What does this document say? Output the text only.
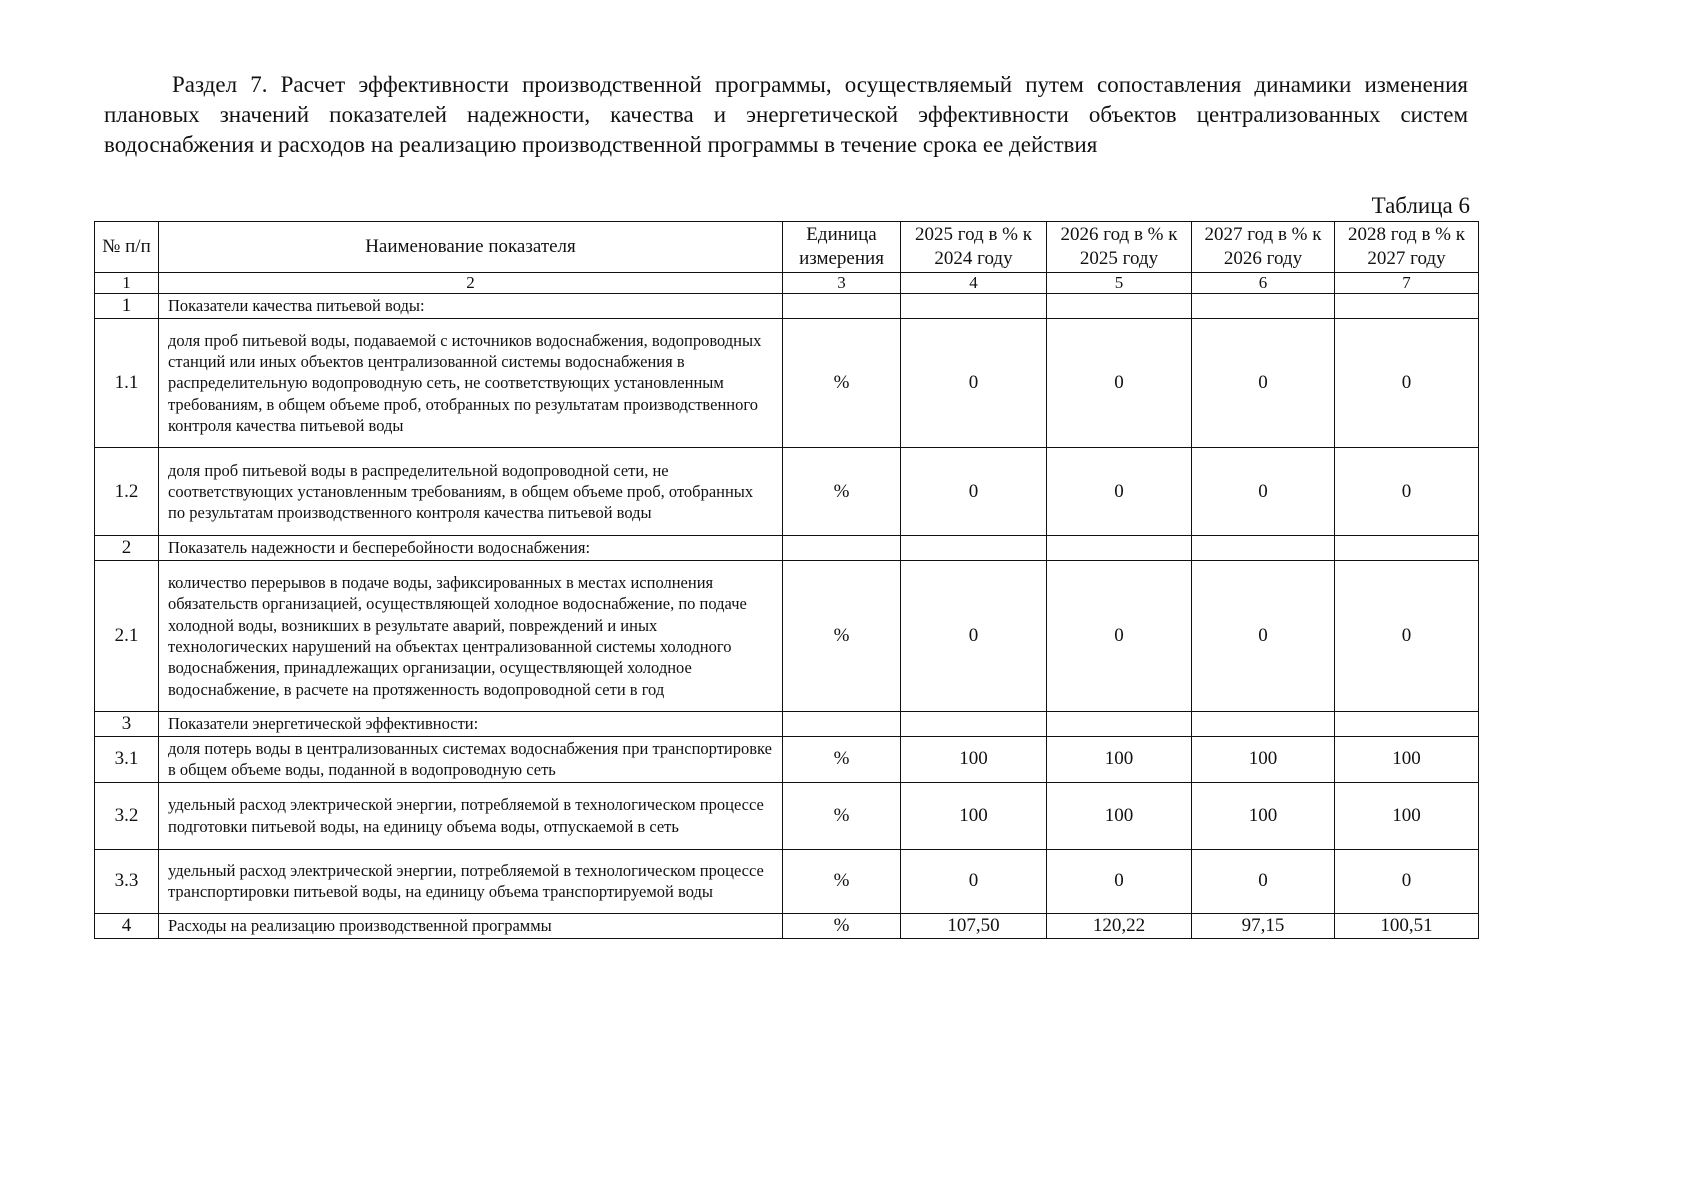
Раздел 7. Расчет эффективности производственной программы, осуществляемый путем сопоставления динамики изменения плановых значений показателей надежности, качества и энергетической эффективности объектов централизованных систем водоснабжения и расходов на реализацию производственной программы в течение срока ее действия

Таблица 6
№ п/п	Наименование показателя	Единица измерения	2025 год в % к 2024 году	2026 год в % к 2025 году	2027 год в % к 2026 году	2028 год в % к 2027 году
1	2	3	4	5	6	7
1	Показатели качества питьевой воды:					
1.1	доля проб питьевой воды, подаваемой с источников водоснабжения, водопроводных станций или иных объектов централизованной системы водоснабжения в распределительную водопроводную сеть, не соответствующих установленным требованиям, в общем объеме проб, отобранных по результатам производственного контроля качества питьевой воды	%	0	0	0	0
1.2	доля проб питьевой воды в распределительной водопроводной сети, не соответствующих установленным требованиям, в общем объеме проб, отобранных по результатам производственного контроля качества питьевой воды	%	0	0	0	0
2	Показатель надежности и бесперебойности водоснабжения:					
2.1	количество перерывов в подаче воды, зафиксированных в местах исполнения обязательств организацией, осуществляющей холодное водоснабжение, по подаче холодной воды, возникших в результате аварий, повреждений и иных технологических нарушений на объектах централизованной системы холодного водоснабжения, принадлежащих организации, осуществляющей холодное водоснабжение, в расчете на протяженность водопроводной сети в год	%	0	0	0	0
3	Показатели энергетической эффективности:					
3.1	доля потерь воды в централизованных системах водоснабжения при транспортировке в общем объеме воды, поданной в водопроводную сеть	%	100	100	100	100
3.2	удельный расход электрической энергии, потребляемой в технологическом процессе подготовки питьевой воды, на единицу объема воды, отпускаемой в сеть	%	100	100	100	100
3.3	удельный расход электрической энергии, потребляемой в технологическом процессе транспортировки питьевой воды, на единицу объема транспортируемой воды	%	0	0	0	0
4	Расходы на реализацию производственной программы	%	107,50	120,22	97,15	100,51
